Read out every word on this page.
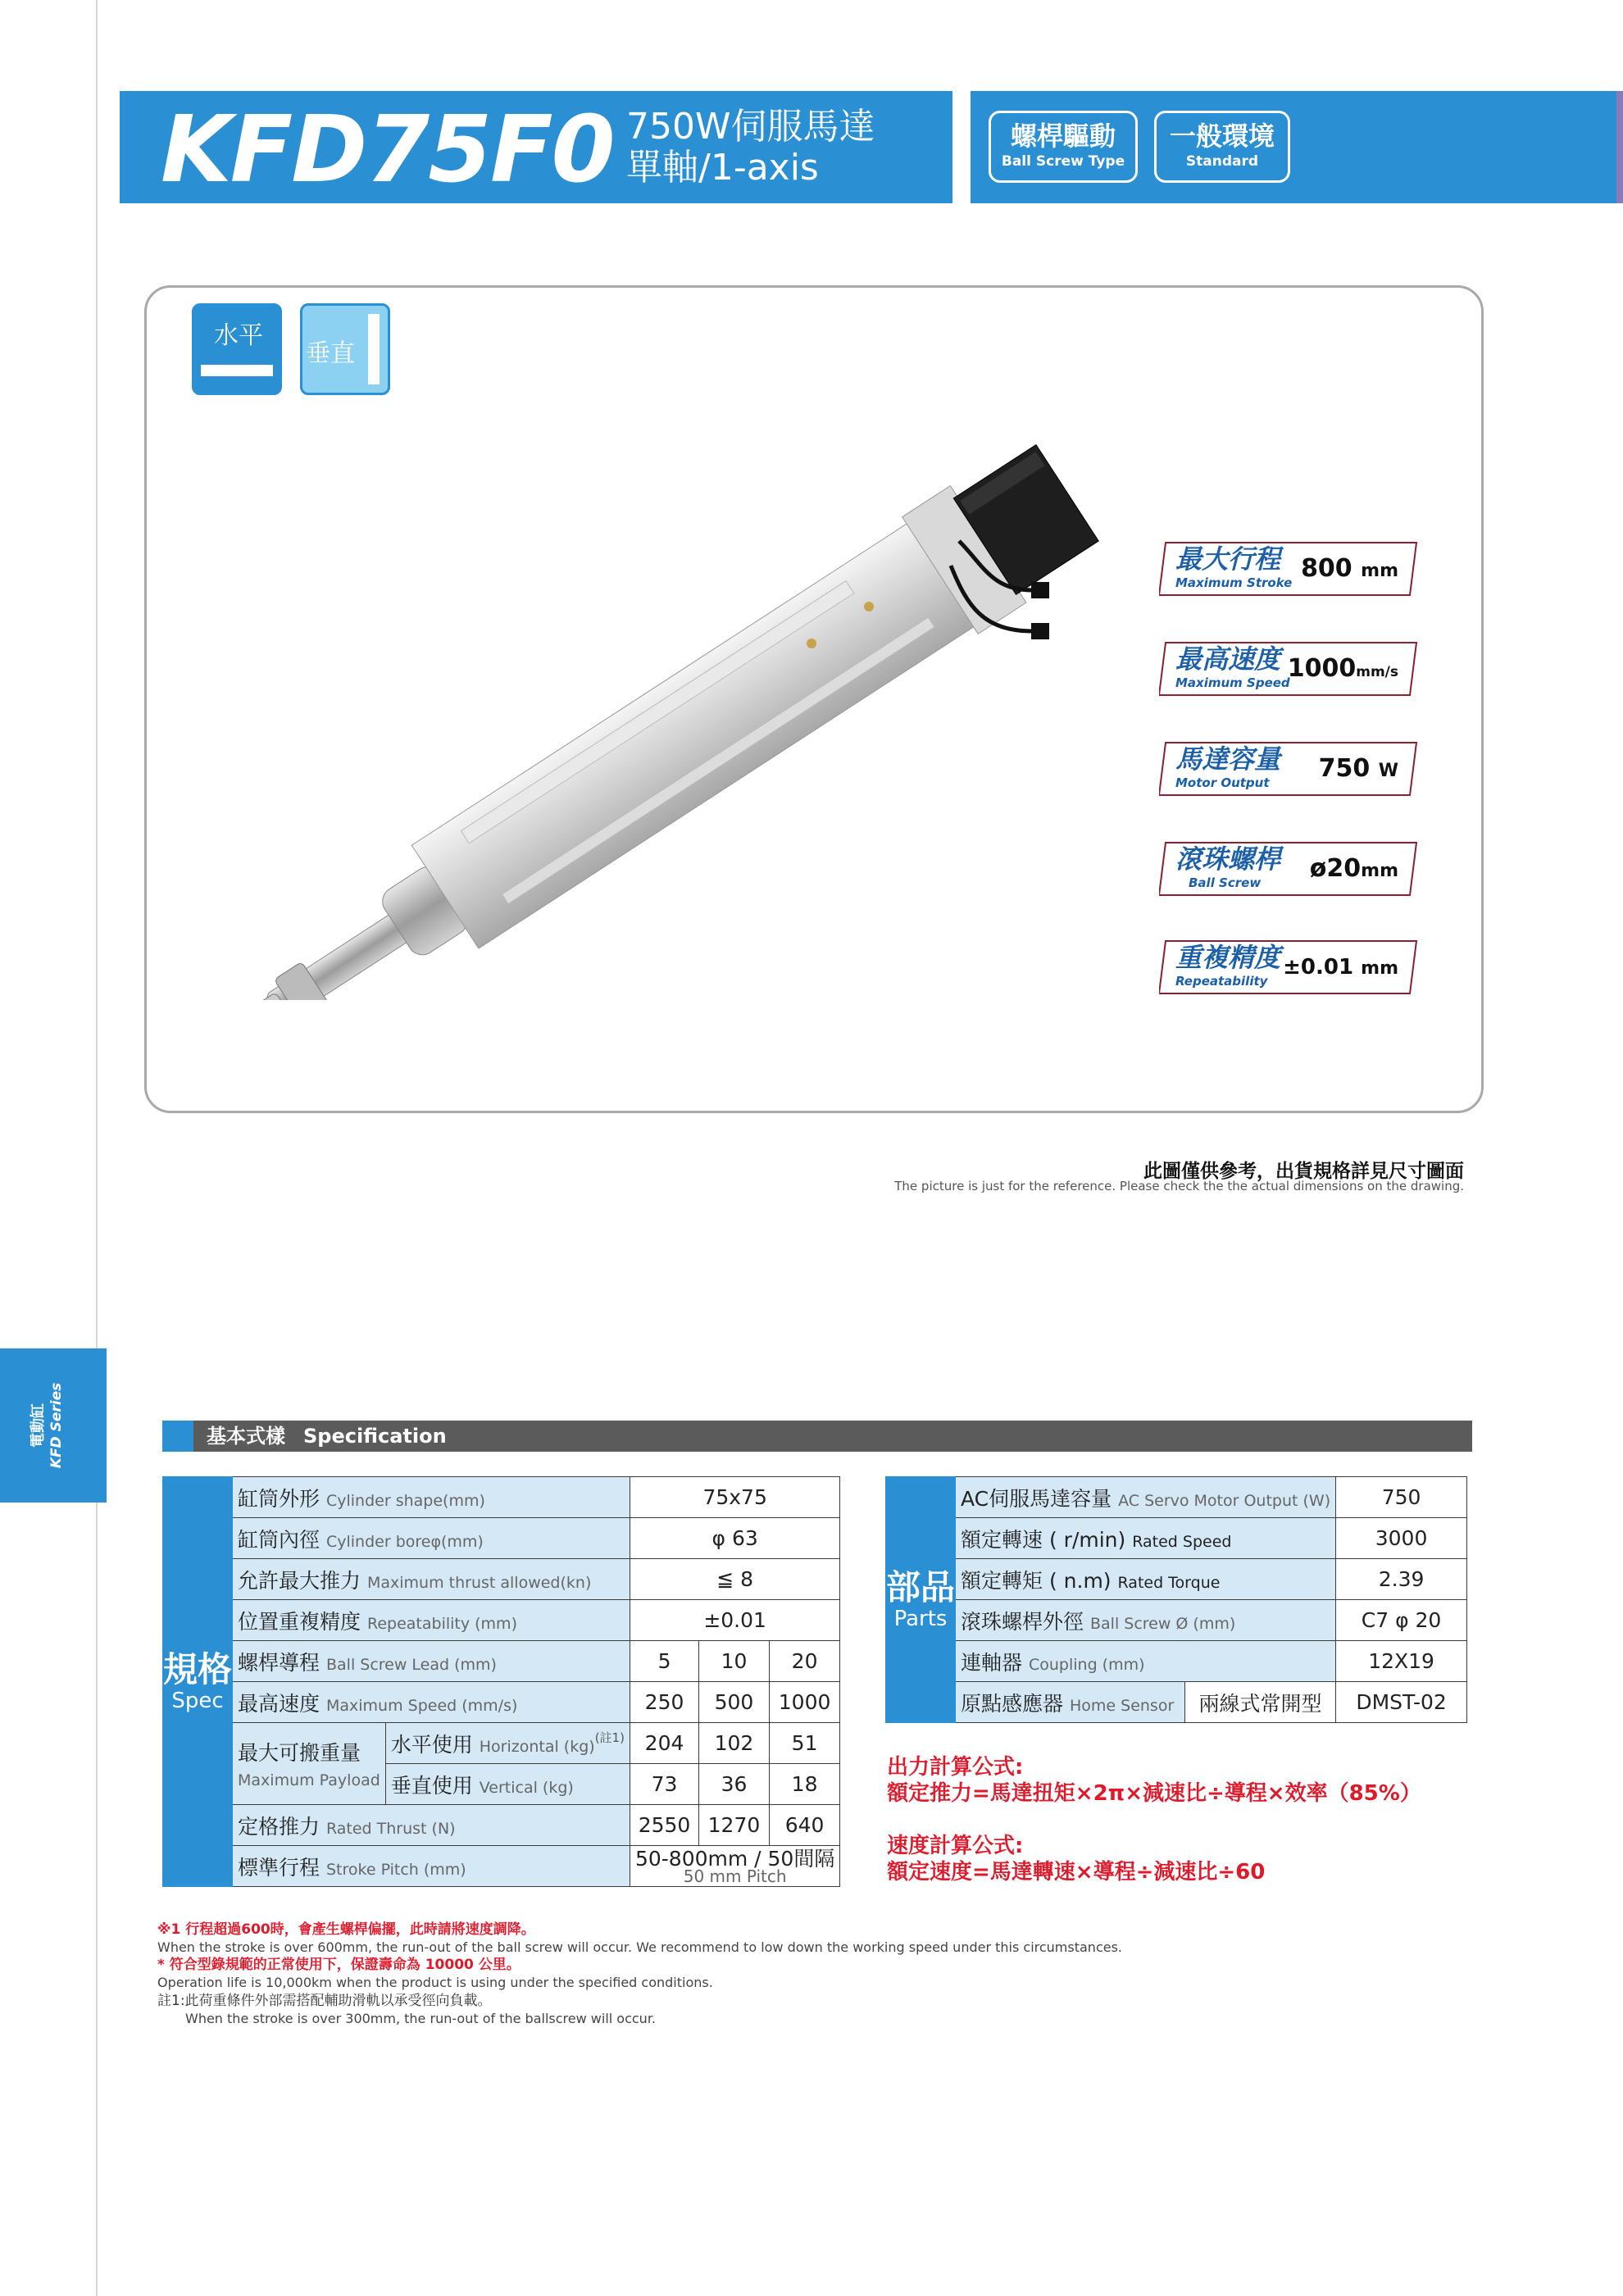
電動缸 KFD Series
KFD75F0 750W伺服馬達
單軸/1-axis
螺桿驅動
Ball Screw Type
一般環境
Standard
水平
垂直
最大行程
Maximum Stroke 800 mm
最高速度
Maximum Speed
1000mm/s
馬達容量
Motor Output 750 W
滾珠螺桿
Ball Screw ø20mm
重複精度
Repeatability
±0.01 mm
此圖僅供參考，出貨規格詳見尺寸圖面
The picture is just for the reference. Please check the the actual dimensions on the drawing.
基本式樣 Specification
規格
Spec	缸筒外形 Cylinder shape(mm)		75x75		
	缸筒內徑 Cylinder boreφ(mm)		φ 63		
	允許最大推力 Maximum thrust allowed(kn)		≦ 8		
	位置重複精度 Repeatability (mm)		±0.01		
	螺桿導程 Ball Screw Lead (mm)		5	10	20
	最高速度 Maximum Speed (mm/s)		250	500	1000
	最大可搬重量
Maximum Payload	水平使用 Horizontal (kg)$^{(註1)}$	204	102	51
		垂直使用 Vertical (kg)	73	36	18
	定格推力 Rated Thrust (N)		2550	1270	640
	標準行程 Stroke Pitch (mm)		50-800mm / 50間隔
50 mm Pitch		
部品
Parts	AC伺服馬達容量 AC Servo Motor Output (W)		750
	額定轉速 ( r/min) Rated Speed		3000
	額定轉矩 ( n.m) Rated Torque		2.39
	滾珠螺桿外徑 Ball Screw Ø (mm)		C7 φ 20
	連軸器 Coupling (mm)		12X19
	原點感應器 Home Sensor	兩線式常開型	DMST-02
出力計算公式:
額定推力=馬達扭矩×2π×減速比÷導程×效率（85%）
速度計算公式:
額定速度=馬達轉速×導程÷減速比÷60
※1 行程超過600時，會產生螺桿偏擺，此時請將速度調降。
When the stroke is over 600mm, the run-out of the ball screw will occur. We recommend to low down the working speed under this circumstances.
* 符合型錄規範的正常使用下，保證壽命為 10000 公里。
Operation life is 10,000km when the product is using under the specified conditions.
註1:此荷重條件外部需搭配輔助滑軌以承受徑向負載。
When the stroke is over 300mm, the run-out of the ballscrew will occur.
